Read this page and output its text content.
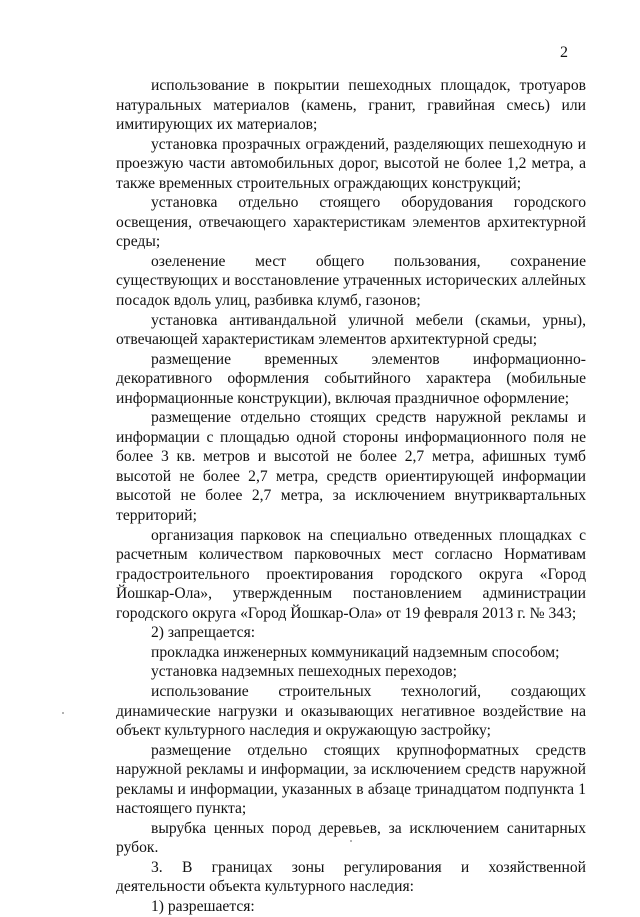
2

использование в покрытии пешеходных площадок, тротуаров натуральных материалов (камень, гранит, гравийная смесь) или имитирующих их материалов;

установка прозрачных ограждений, разделяющих пешеходную и проезжую части автомобильных дорог, высотой не более 1,2 метра, а также временных строительных ограждающих конструкций;

установка отдельно стоящего оборудования городского освещения, отвечающего характеристикам элементов архитектурной среды;

озеленение мест общего пользования, сохранение существующих и восстановление утраченных исторических аллейных посадок вдоль улиц, разбивка клумб, газонов;

установка антивандальной уличной мебели (скамьи, урны), отвечающей характеристикам элементов архитектурной среды;

размещение временных элементов информационно-декоративного оформления событийного характера (мобильные информационные конструкции), включая праздничное оформление;

размещение отдельно стоящих средств наружной рекламы и информации с площадью одной стороны информационного поля не более 3 кв. метров и высотой не более 2,7 метра, афишных тумб высотой не более 2,7 метра, средств ориентирующей информации высотой не более 2,7 метра, за исключением внутриквартальных территорий;

организация парковок на специально отведенных площадках с расчетным количеством парковочных мест согласно Нормативам градостроительного проектирования городского округа «Город Йошкар-Ола», утвержденным постановлением администрации городского округа «Город Йошкар-Ола» от 19 февраля 2013 г. № 343;

2) запрещается:

прокладка инженерных коммуникаций надземным способом;

установка надземных пешеходных переходов;

использование строительных технологий, создающих динамические нагрузки и оказывающих негативное воздействие на объект культурного наследия и окружающую застройку;

размещение отдельно стоящих крупноформатных средств наружной рекламы и информации, за исключением средств наружной рекламы и информации, указанных в абзаце тринадцатом подпункта 1 настоящего пункта;

вырубка ценных пород деревьев, за исключением санитарных рубок.

3. В границах зоны регулирования и хозяйственной деятельности объекта культурного наследия:

1) разрешается:
